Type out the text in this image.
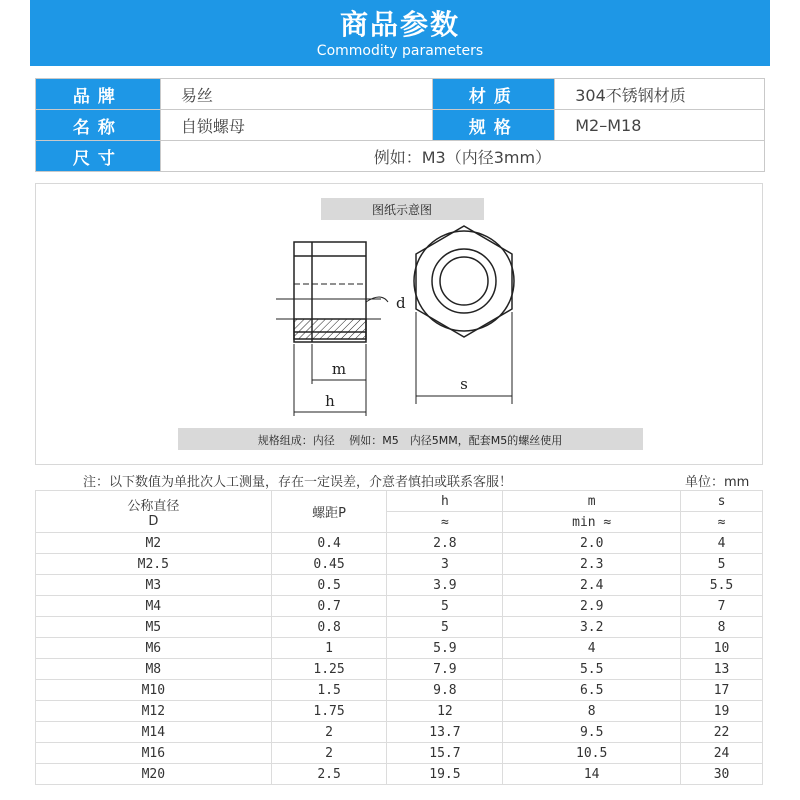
商品参数
Commodity parameters
品牌	易丝	材质	304不锈钢材质
名称	自锁螺母	规格	M2–M18
尺寸	例如：M3（内径3mm）		
图纸示意图
d
m
h
s
规格组成：内径　 例如：M5　内径5MM，配套M5的螺丝使用
注：以下数值为单批次人工测量，存在一定误差，介意者慎拍或联系客服！	单位：mm
公称直径
D	螺距P	h	m	s
		≈	min ≈	≈
M2	0.4	2.8	2.0	4
M2.5	0.45	3	2.3	5
M3	0.5	3.9	2.4	5.5
M4	0.7	5	2.9	7
M5	0.8	5	3.2	8
M6	1	5.9	4	10
M8	1.25	7.9	5.5	13
M10	1.5	9.8	6.5	17
M12	1.75	12	8	19
M14	2	13.7	9.5	22
M16	2	15.7	10.5	24
M20	2.5	19.5	14	30
